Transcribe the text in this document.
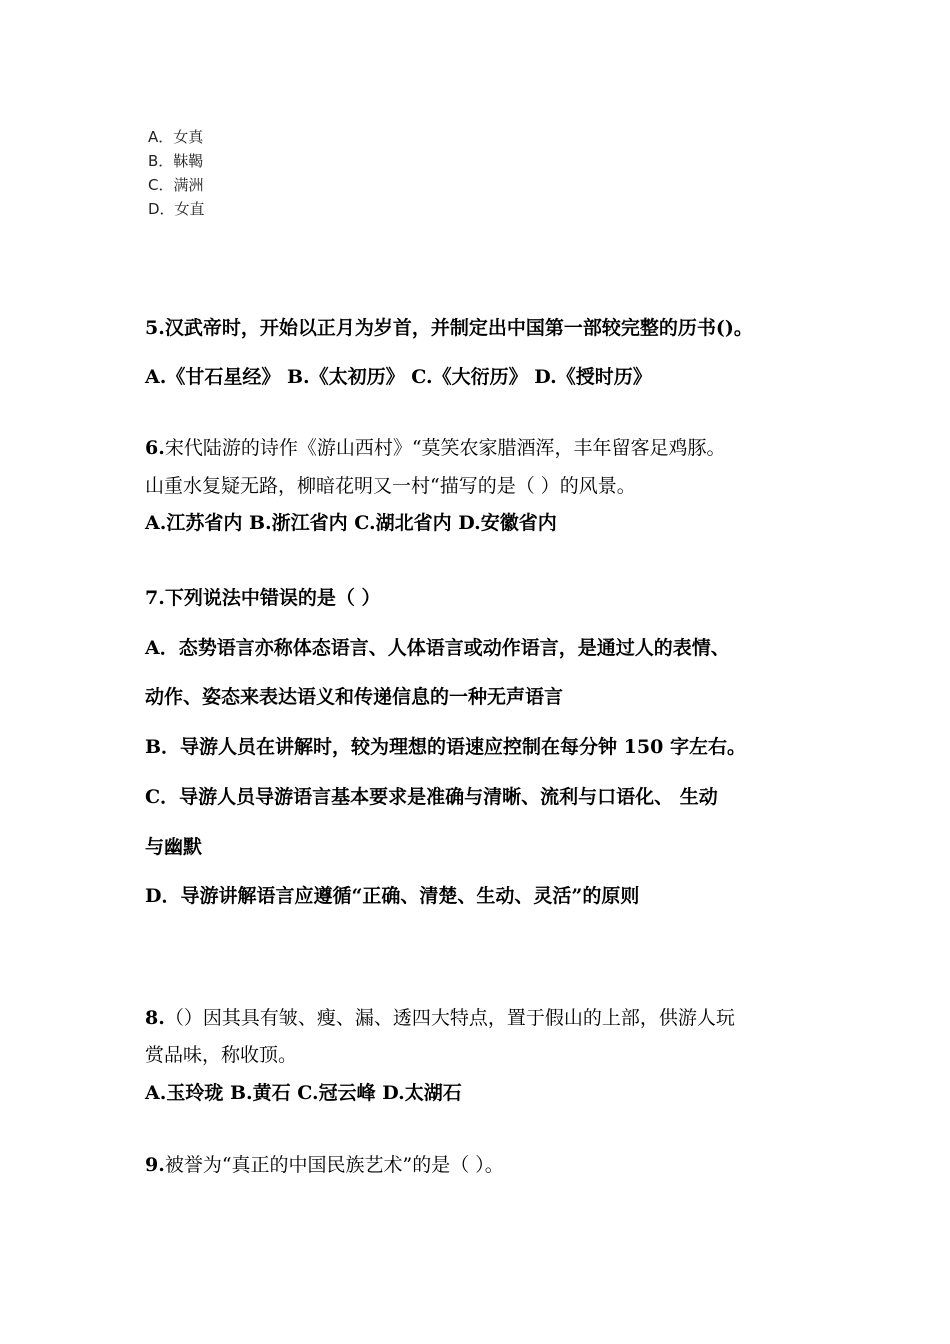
A．女真
B．靺鞨
C．满洲
D．女直
5.汉武帝时，开始以正月为岁首，并制定出中国第一部较完整的历书()。
A.《甘石星经》 B.《太初历》 C.《大衍历》 D.《授时历》
6.宋代陆游的诗作《游山西村》“莫笑农家腊酒浑，丰年留客足鸡豚。
山重水复疑无路，柳暗花明又一村“描写的是（ ）的风景。
A.江苏省内 B.浙江省内 C.湖北省内 D.安徽省内
7.下列说法中错误的是（ ）
A．态势语言亦称体态语言、人体语言或动作语言，是通过人的表情、
动作、姿态来表达语义和传递信息的一种无声语言
B．导游人员在讲解时，较为理想的语速应控制在每分钟 150 字左右。
C．导游人员导游语言基本要求是准确与清晰、流利与口语化、 生动
与幽默
D．导游讲解语言应遵循“正确、清楚、生动、灵活”的原则
8.（）因其具有皱、瘦、漏、透四大特点，置于假山的上部，供游人玩
赏品味，称收顶。
A.玉玲珑 B.黄石 C.冠云峰 D.太湖石
9.被誉为“真正的中国民族艺术”的是（ ）。
